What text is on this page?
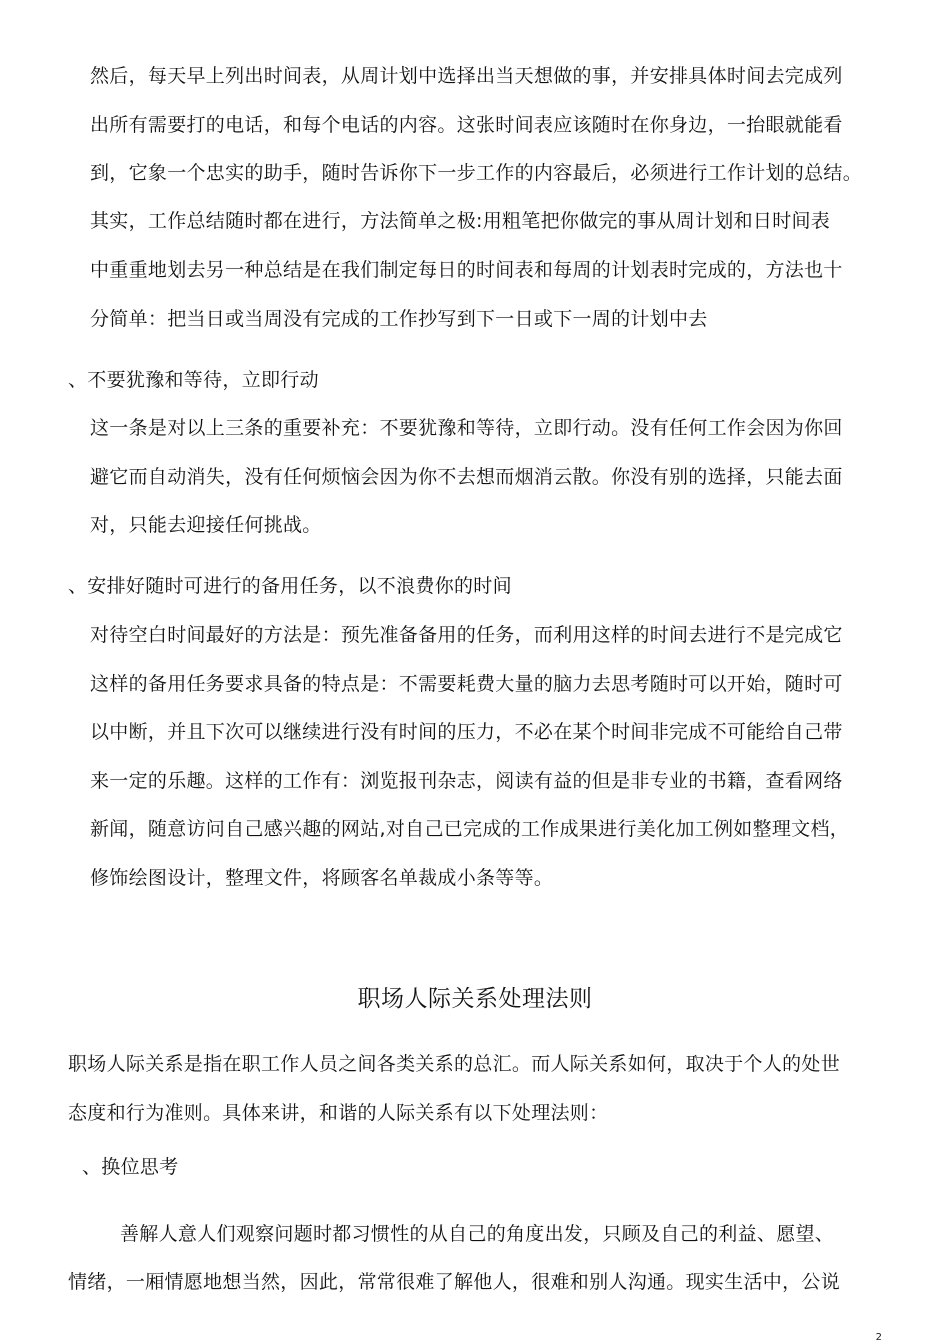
然后，每天早上列出时间表，从周计划中选择出当天想做的事，并安排具体时间去完成列
出所有需要打的电话，和每个电话的内容。这张时间表应该随时在你身边，一抬眼就能看
到，它象一个忠实的助手，随时告诉你下一步工作的内容最后，必须进行工作计划的总结。
其实，工作总结随时都在进行，方法简单之极:用粗笔把你做完的事从周计划和日时间表
中重重地划去另一种总结是在我们制定每日的时间表和每周的计划表时完成的，方法也十
分简单：把当日或当周没有完成的工作抄写到下一日或下一周的计划中去
、不要犹豫和等待，立即行动
这一条是对以上三条的重要补充：不要犹豫和等待，立即行动。没有任何工作会因为你回
避它而自动消失，没有任何烦恼会因为你不去想而烟消云散。你没有别的选择，只能去面
对，只能去迎接任何挑战。
、安排好随时可进行的备用任务，以不浪费你的时间
对待空白时间最好的方法是：预先准备备用的任务，而利用这样的时间去进行不是完成它
这样的备用任务要求具备的特点是：不需要耗费大量的脑力去思考随时可以开始，随时可
以中断，并且下次可以继续进行没有时间的压力，不必在某个时间非完成不可能给自己带
来一定的乐趣。这样的工作有：浏览报刊杂志，阅读有益的但是非专业的书籍，查看网络
新闻，随意访问自己感兴趣的网站,对自己已完成的工作成果进行美化加工例如整理文档，
修饰绘图设计，整理文件，将顾客名单裁成小条等等。
职场人际关系处理法则
职场人际关系是指在职工作人员之间各类关系的总汇。而人际关系如何，取决于个人的处世
态度和行为准则。具体来讲，和谐的人际关系有以下处理法则：
、换位思考
善解人意人们观察问题时都习惯性的从自己的角度出发，只顾及自己的利益、愿望、
情绪，一厢情愿地想当然，因此，常常很难了解他人，很难和别人沟通。现实生活中，公说
2
